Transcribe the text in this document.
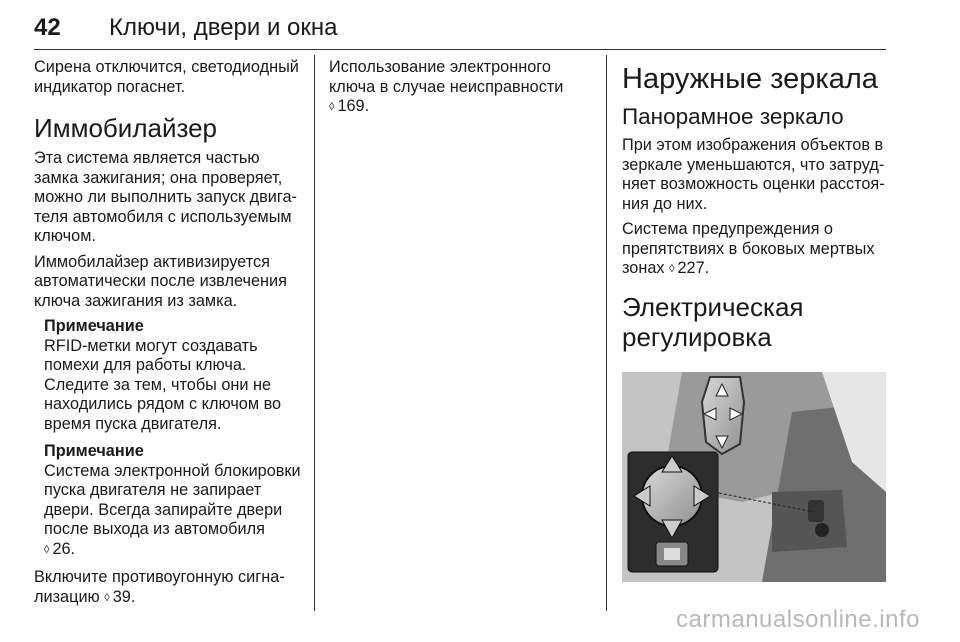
42 Ключи, двери и окна

Сирена отключится, светодиодный индикатор погаснет.

Иммобилайзер

Эта система является частью замка зажигания; она проверяет, можно ли выполнить запуск двигателя автомобиля с используемым ключом.

Иммобилайзер активизируется автоматически после извлечения ключа зажигания из замка.

Примечание

RFID-метки могут создавать помехи для работы ключа. Следите за тем, чтобы они не находились рядом с ключом во время пуска двигателя.

Примечание

Система электронной блокировки пуска двигателя не запирает двери. Всегда запирайте двери после выхода из автомобиля
◊ 26.

Включите противоугонную сигнализацию ◊ 39.

Использование электронного ключа в случае неисправности
◊ 169.

Наружные зеркала
Панорамное зеркало

При этом изображения объектов в зеркале уменьшаются, что затрудняет возможность оценки расстояния до них.

Система предупреждения о препятствиях в боковых мертвых зонах ◊ 227.

Электрическая
регулировка
carmanualsonline.info
